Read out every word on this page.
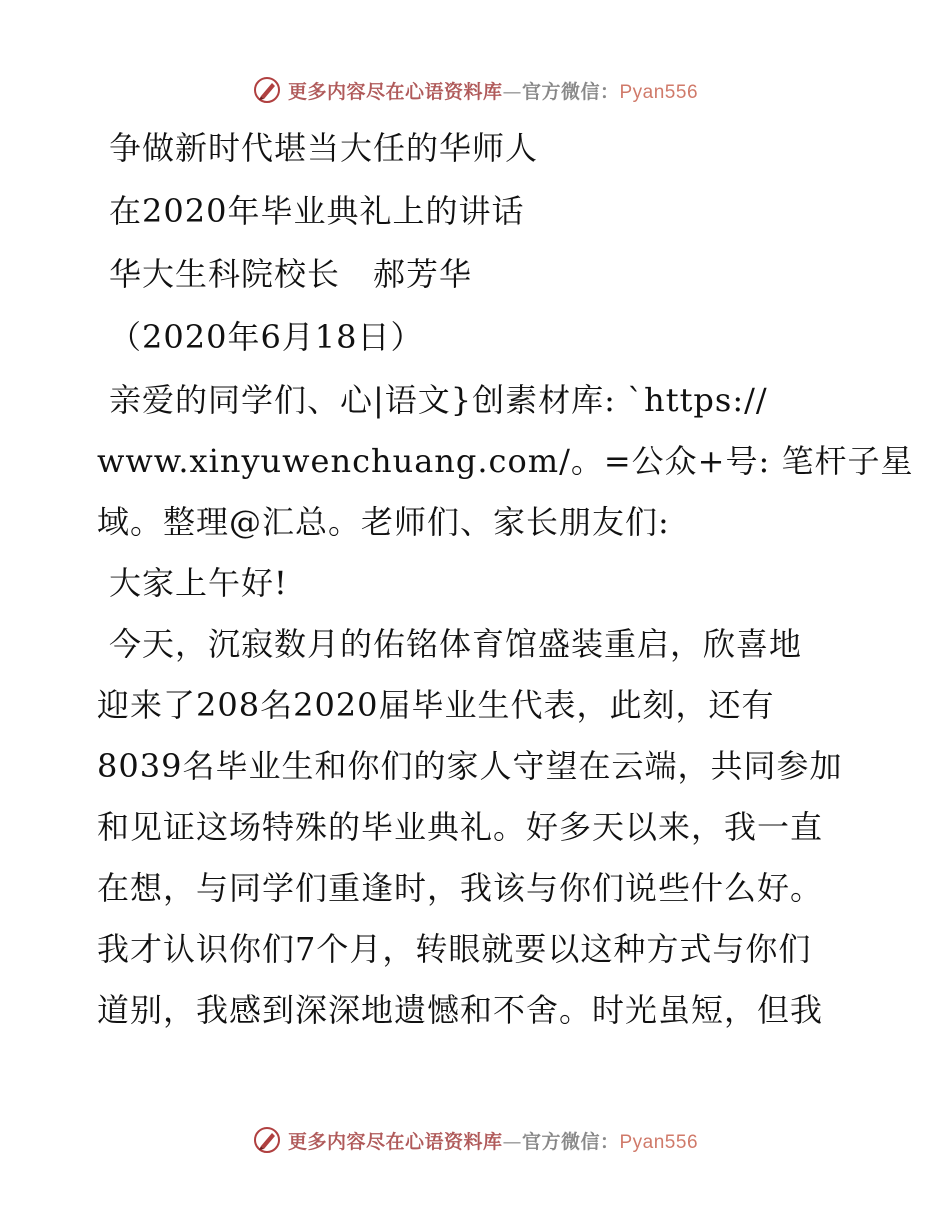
更多内容尽在心语资料库—官方微信：Pyan556
争做新时代堪当大任的华师人
在2020年毕业典礼上的讲话
华大生科院校长　郝芳华
（2020年6月18日）
亲爱的同学们、心|语文}创素材库: `https://
www.xinyuwenchuang.com/。=公众+号: 笔杆子星
域。整理@汇总。老师们、家长朋友们:
大家上午好!
今天，沉寂数月的佑铭体育馆盛装重启，欣喜地
迎来了208名2020届毕业生代表，此刻，还有
8039名毕业生和你们的家人守望在云端，共同参加
和见证这场特殊的毕业典礼。好多天以来，我一直
在想，与同学们重逢时，我该与你们说些什么好。
我才认识你们7个月，转眼就要以这种方式与你们
道别，我感到深深地遗憾和不舍。时光虽短，但我
更多内容尽在心语资料库—官方微信：Pyan556
